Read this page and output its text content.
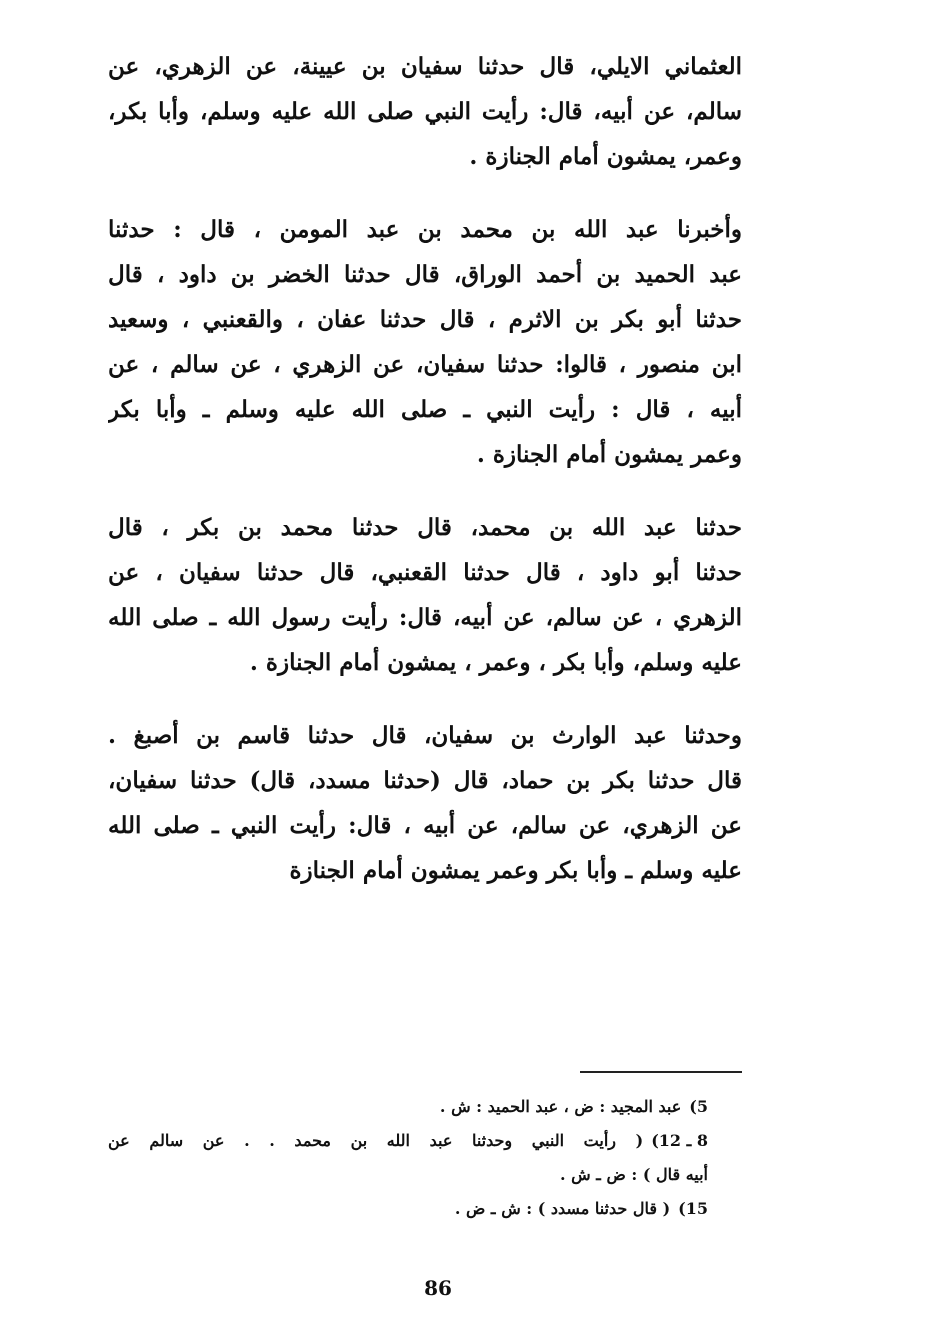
العثماني الايلي، قال حدثنا سفيان بن عيينة، عن الزهري، عن
سالم، عن أبيه، قال: رأيت النبي صلى الله عليه وسلم، وأبا بكر،
وعمر، يمشون أمام الجنازة .
وأخبرنا عبد الله بن محمد بن عبد المومن ، قال : حدثنا
عبد الحميد بن أحمد الوراق، قال حدثنا الخضر بن داود ، قال
حدثنا أبو بكر بن الاثرم ، قال حدثنا عفان ، والقعنبي ، وسعيد
ابن منصور ، قالوا: حدثنا سفيان، عن الزهري ، عن سالم ، عن
أبيه ، قال : رأيت النبي ـ صلى الله عليه وسلم ـ وأبا بكر
وعمر يمشون أمام الجنازة .
حدثنا عبد الله بن محمد، قال حدثنا محمد بن بكر ، قال
حدثنا أبو داود ، قال حدثنا القعنبي، قال حدثنا سفيان ، عن
الزهري ، عن سالم، عن أبيه، قال: رأيت رسول الله ـ صلى الله
عليه وسلم، وأبا بكر ، وعمر ، يمشون أمام الجنازة .
وحدثنا عبد الوارث بن سفيان، قال حدثنا قاسم بن أصبغ .
قال حدثنا بكر بن حماد، قال (حدثنا مسدد، قال) حدثنا سفيان،
عن الزهري، عن سالم، عن أبيه ، قال: رأيت النبي ـ صلى الله
عليه وسلم ـ وأبا بكر وعمر يمشون أمام الجنازة
5)عبد المجيد : ض ، عبد الحميد : ش .
8 ـ 12)( رأيت النبي وحدثنا عبد الله بن محمد . . عن سالم عن
أبيه قال ) : ض ـ ش .
15)( قال حدثنا مسدد ) : ش ـ ض .
86
